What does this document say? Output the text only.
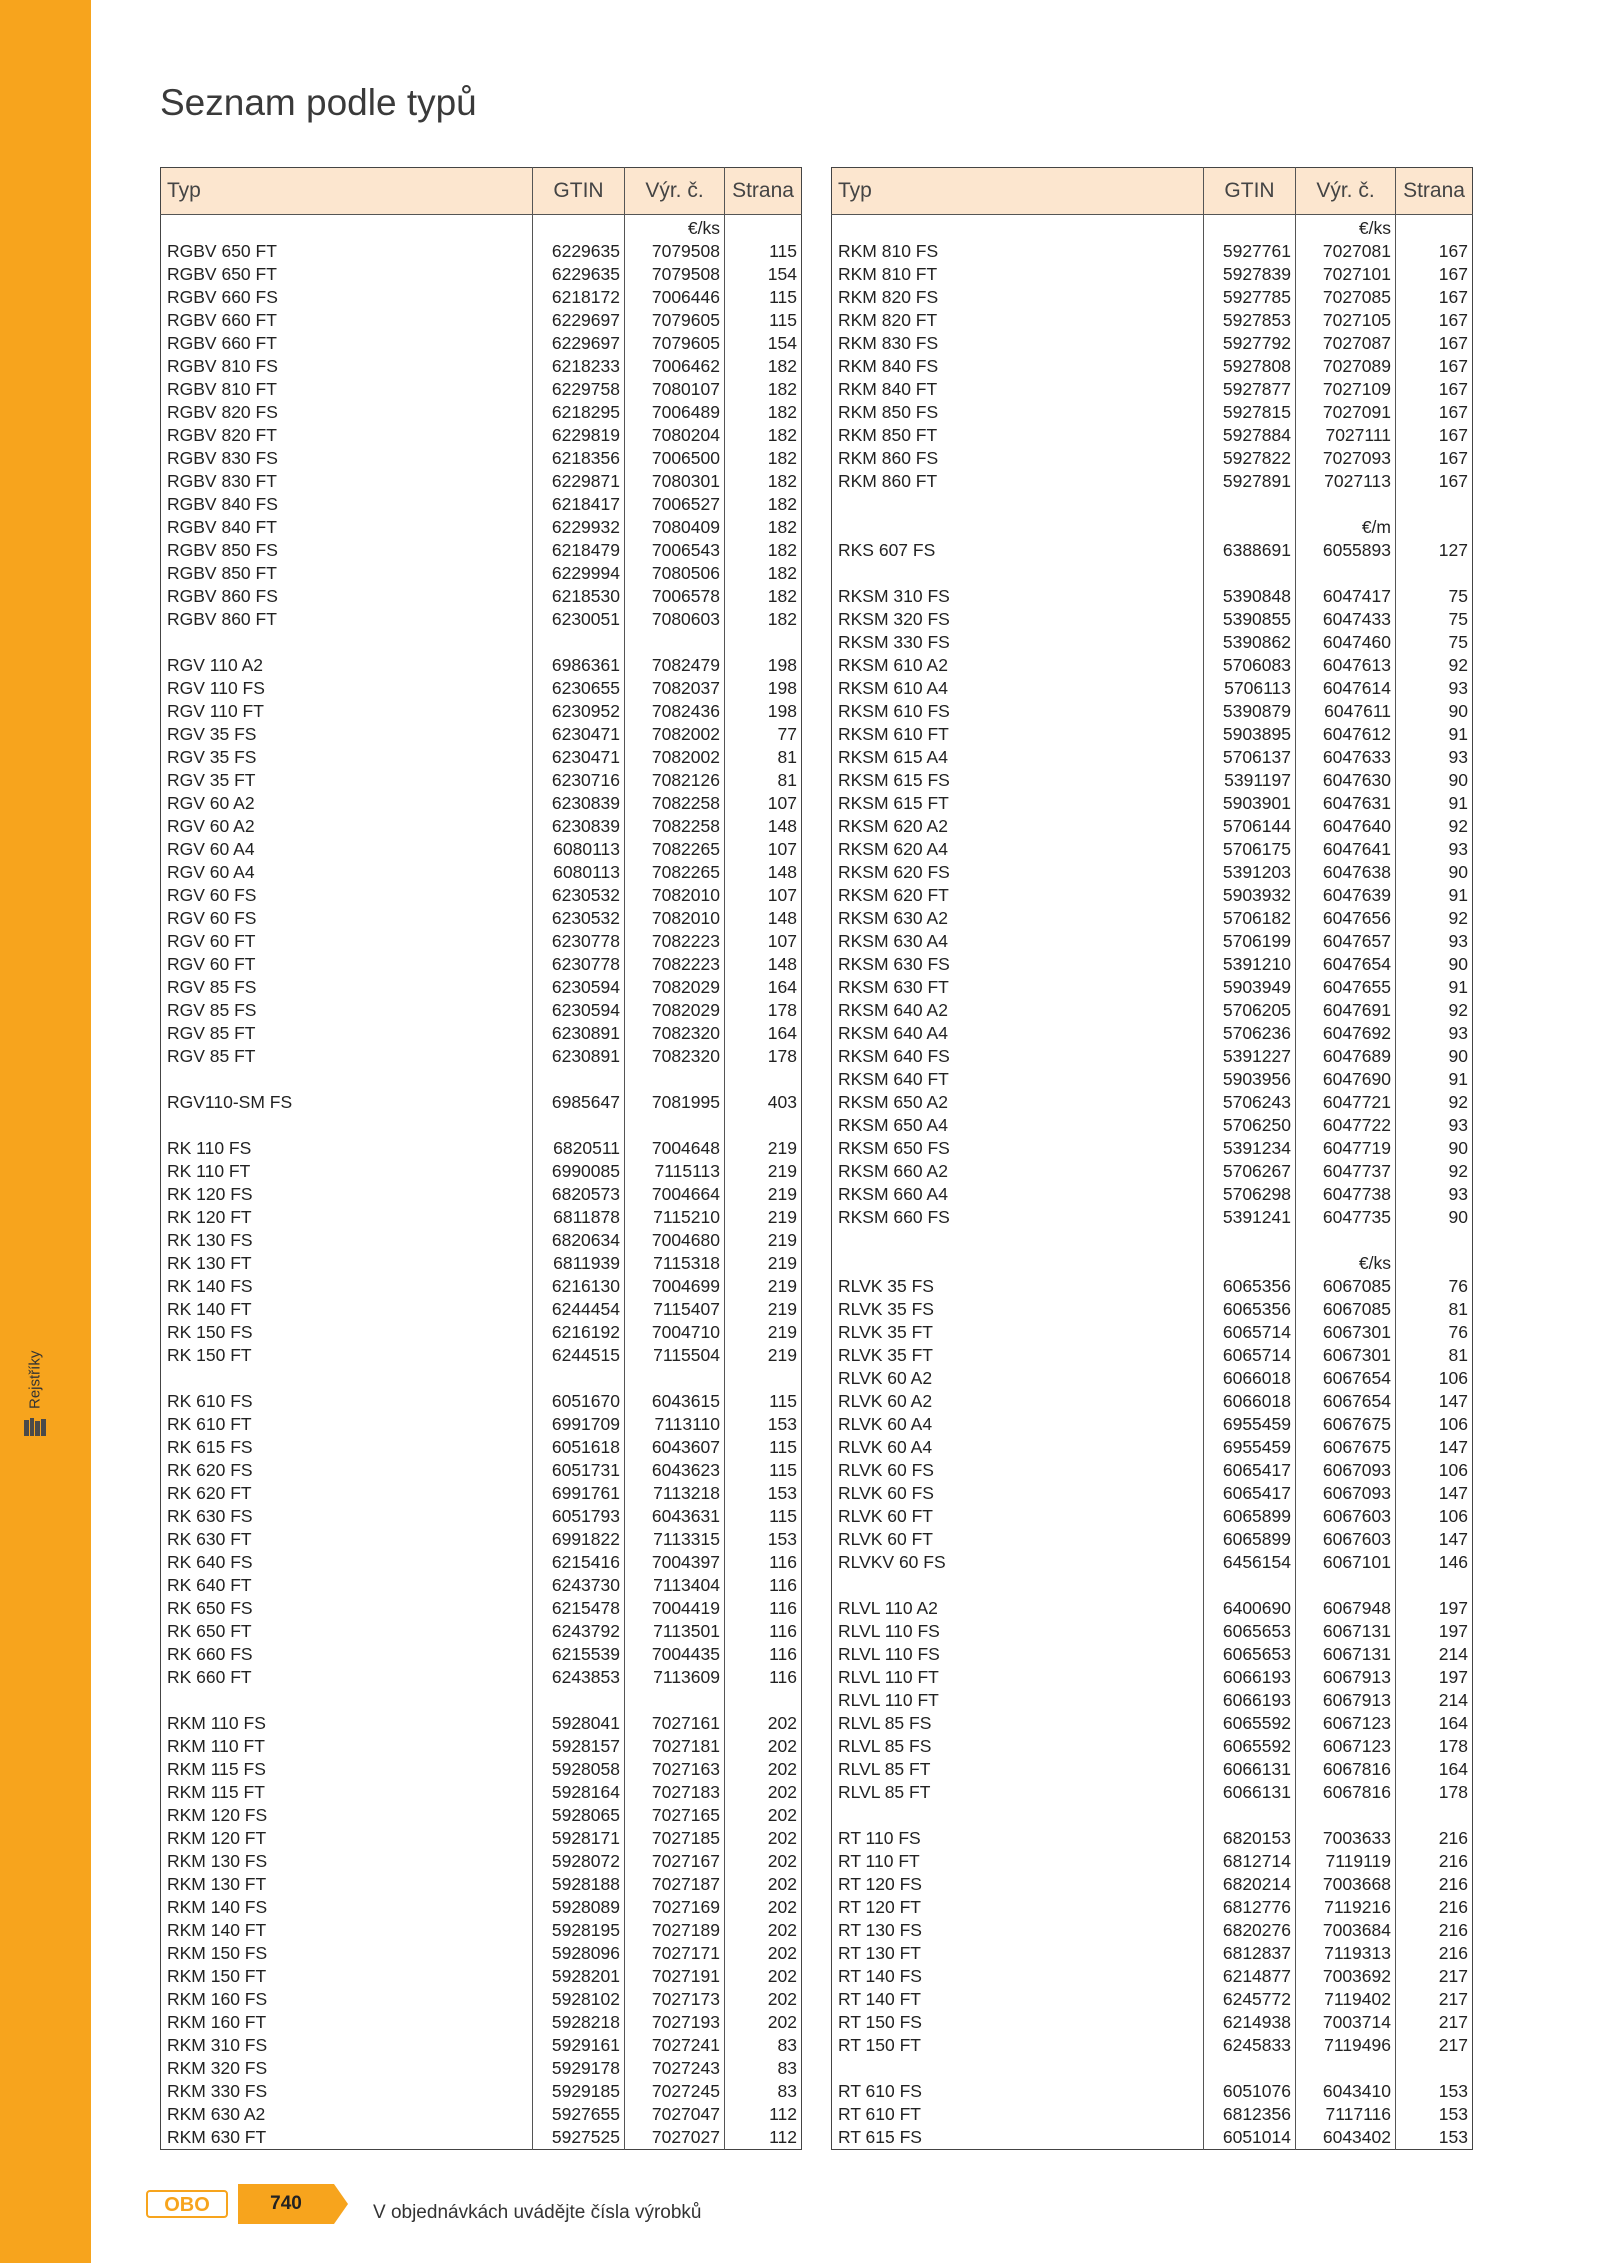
Rejstříky
Seznam podle typů
Typ	GTIN	Výr. č.	Strana
		€/ks	
RGBV 650 FT	6229635	7079508	115
RGBV 650 FT	6229635	7079508	154
RGBV 660 FS	6218172	7006446	115
RGBV 660 FT	6229697	7079605	115
RGBV 660 FT	6229697	7079605	154
RGBV 810 FS	6218233	7006462	182
RGBV 810 FT	6229758	7080107	182
RGBV 820 FS	6218295	7006489	182
RGBV 820 FT	6229819	7080204	182
RGBV 830 FS	6218356	7006500	182
RGBV 830 FT	6229871	7080301	182
RGBV 840 FS	6218417	7006527	182
RGBV 840 FT	6229932	7080409	182
RGBV 850 FS	6218479	7006543	182
RGBV 850 FT	6229994	7080506	182
RGBV 860 FS	6218530	7006578	182
RGBV 860 FT	6230051	7080603	182

RGV 110 A2	6986361	7082479	198
RGV 110 FS	6230655	7082037	198
RGV 110 FT	6230952	7082436	198
RGV 35 FS	6230471	7082002	77
RGV 35 FS	6230471	7082002	81
RGV 35 FT	6230716	7082126	81
RGV 60 A2	6230839	7082258	107
RGV 60 A2	6230839	7082258	148
RGV 60 A4	6080113	7082265	107
RGV 60 A4	6080113	7082265	148
RGV 60 FS	6230532	7082010	107
RGV 60 FS	6230532	7082010	148
RGV 60 FT	6230778	7082223	107
RGV 60 FT	6230778	7082223	148
RGV 85 FS	6230594	7082029	164
RGV 85 FS	6230594	7082029	178
RGV 85 FT	6230891	7082320	164
RGV 85 FT	6230891	7082320	178

RGV110-SM FS	6985647	7081995	403

RK 110 FS	6820511	7004648	219
RK 110 FT	6990085	7115113	219
RK 120 FS	6820573	7004664	219
RK 120 FT	6811878	7115210	219
RK 130 FS	6820634	7004680	219
RK 130 FT	6811939	7115318	219
RK 140 FS	6216130	7004699	219
RK 140 FT	6244454	7115407	219
RK 150 FS	6216192	7004710	219
RK 150 FT	6244515	7115504	219

RK 610 FS	6051670	6043615	115
RK 610 FT	6991709	7113110	153
RK 615 FS	6051618	6043607	115
RK 620 FS	6051731	6043623	115
RK 620 FT	6991761	7113218	153
RK 630 FS	6051793	6043631	115
RK 630 FT	6991822	7113315	153
RK 640 FS	6215416	7004397	116
RK 640 FT	6243730	7113404	116
RK 650 FS	6215478	7004419	116
RK 650 FT	6243792	7113501	116
RK 660 FS	6215539	7004435	116
RK 660 FT	6243853	7113609	116

RKM 110 FS	5928041	7027161	202
RKM 110 FT	5928157	7027181	202
RKM 115 FS	5928058	7027163	202
RKM 115 FT	5928164	7027183	202
RKM 120 FS	5928065	7027165	202
RKM 120 FT	5928171	7027185	202
RKM 130 FS	5928072	7027167	202
RKM 130 FT	5928188	7027187	202
RKM 140 FS	5928089	7027169	202
RKM 140 FT	5928195	7027189	202
RKM 150 FS	5928096	7027171	202
RKM 150 FT	5928201	7027191	202
RKM 160 FS	5928102	7027173	202
RKM 160 FT	5928218	7027193	202
RKM 310 FS	5929161	7027241	83
RKM 320 FS	5929178	7027243	83
RKM 330 FS	5929185	7027245	83
RKM 630 A2	5927655	7027047	112
RKM 630 FT	5927525	7027027	112
Typ	GTIN	Výr. č.	Strana
		€/ks	
RKM 810 FS	5927761	7027081	167
RKM 810 FT	5927839	7027101	167
RKM 820 FS	5927785	7027085	167
RKM 820 FT	5927853	7027105	167
RKM 830 FS	5927792	7027087	167
RKM 840 FS	5927808	7027089	167
RKM 840 FT	5927877	7027109	167
RKM 850 FS	5927815	7027091	167
RKM 850 FT	5927884	7027111	167
RKM 860 FS	5927822	7027093	167
RKM 860 FT	5927891	7027113	167

		€/m	
RKS 607 FS	6388691	6055893	127

RKSM 310 FS	5390848	6047417	75
RKSM 320 FS	5390855	6047433	75
RKSM 330 FS	5390862	6047460	75
RKSM 610 A2	5706083	6047613	92
RKSM 610 A4	5706113	6047614	93
RKSM 610 FS	5390879	6047611	90
RKSM 610 FT	5903895	6047612	91
RKSM 615 A4	5706137	6047633	93
RKSM 615 FS	5391197	6047630	90
RKSM 615 FT	5903901	6047631	91
RKSM 620 A2	5706144	6047640	92
RKSM 620 A4	5706175	6047641	93
RKSM 620 FS	5391203	6047638	90
RKSM 620 FT	5903932	6047639	91
RKSM 630 A2	5706182	6047656	92
RKSM 630 A4	5706199	6047657	93
RKSM 630 FS	5391210	6047654	90
RKSM 630 FT	5903949	6047655	91
RKSM 640 A2	5706205	6047691	92
RKSM 640 A4	5706236	6047692	93
RKSM 640 FS	5391227	6047689	90
RKSM 640 FT	5903956	6047690	91
RKSM 650 A2	5706243	6047721	92
RKSM 650 A4	5706250	6047722	93
RKSM 650 FS	5391234	6047719	90
RKSM 660 A2	5706267	6047737	92
RKSM 660 A4	5706298	6047738	93
RKSM 660 FS	5391241	6047735	90

		€/ks	
RLVK 35 FS	6065356	6067085	76
RLVK 35 FS	6065356	6067085	81
RLVK 35 FT	6065714	6067301	76
RLVK 35 FT	6065714	6067301	81
RLVK 60 A2	6066018	6067654	106
RLVK 60 A2	6066018	6067654	147
RLVK 60 A4	6955459	6067675	106
RLVK 60 A4	6955459	6067675	147
RLVK 60 FS	6065417	6067093	106
RLVK 60 FS	6065417	6067093	147
RLVK 60 FT	6065899	6067603	106
RLVK 60 FT	6065899	6067603	147
RLVKV 60 FS	6456154	6067101	146

RLVL 110 A2	6400690	6067948	197
RLVL 110 FS	6065653	6067131	197
RLVL 110 FS	6065653	6067131	214
RLVL 110 FT	6066193	6067913	197
RLVL 110 FT	6066193	6067913	214
RLVL 85 FS	6065592	6067123	164
RLVL 85 FS	6065592	6067123	178
RLVL 85 FT	6066131	6067816	164
RLVL 85 FT	6066131	6067816	178

RT 110 FS	6820153	7003633	216
RT 110 FT	6812714	7119119	216
RT 120 FS	6820214	7003668	216
RT 120 FT	6812776	7119216	216
RT 130 FS	6820276	7003684	216
RT 130 FT	6812837	7119313	216
RT 140 FS	6214877	7003692	217
RT 140 FT	6245772	7119402	217
RT 150 FS	6214938	7003714	217
RT 150 FT	6245833	7119496	217

RT 610 FS	6051076	6043410	153
RT 610 FT	6812356	7117116	153
RT 615 FS	6051014	6043402	153
OBO	740	V objednávkách uvádějte čísla výrobků
